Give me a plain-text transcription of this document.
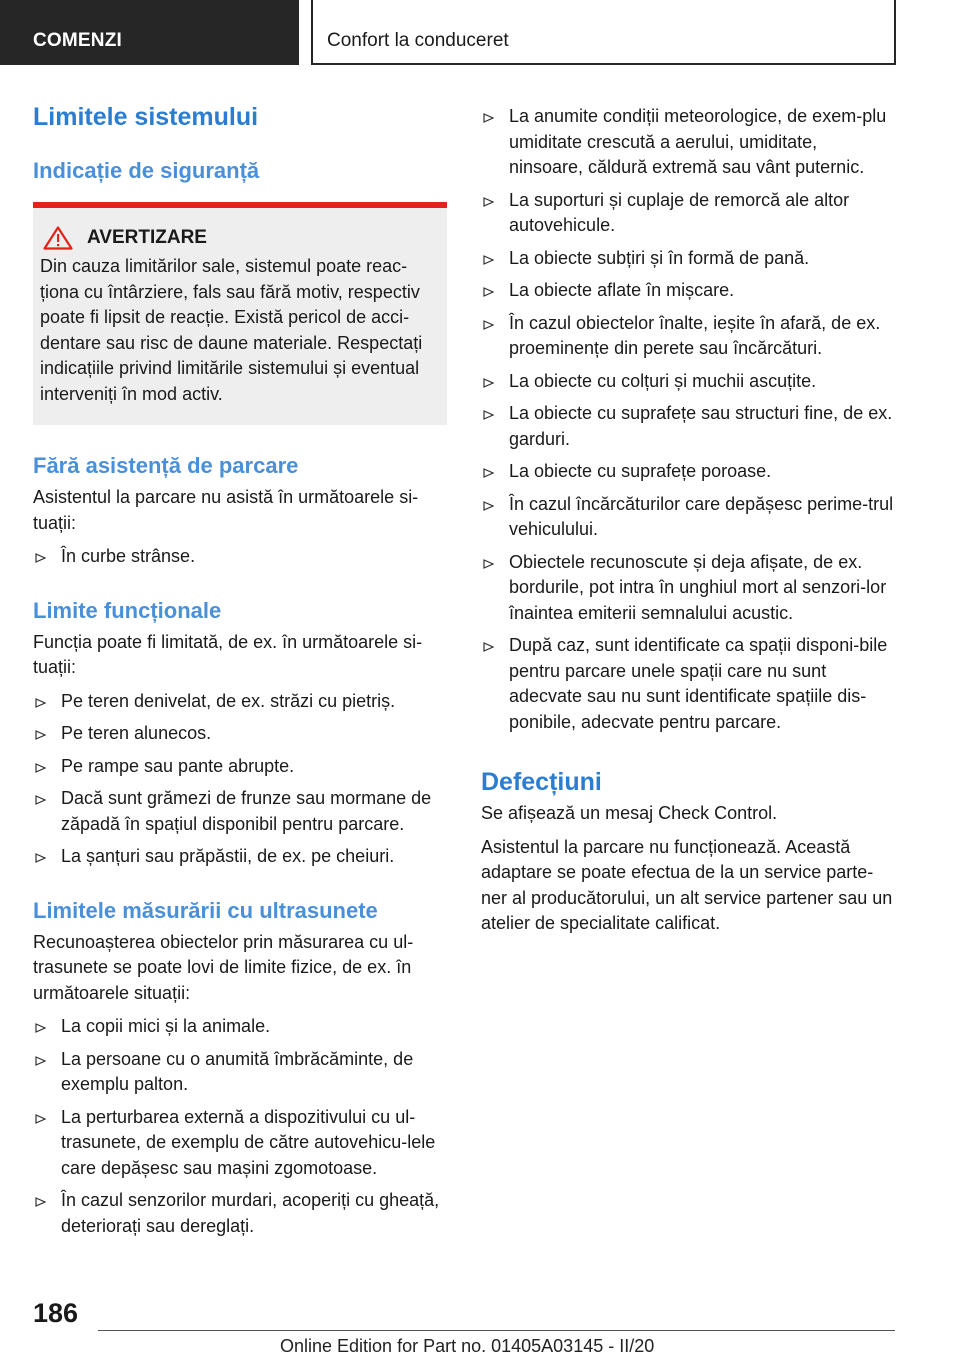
COMENZI	Confort la conduceret
Limitele sistemului
Indicație de siguranță
AVERTIZARE
Din cauza limitărilor sale, sistemul poate reac-ționa cu întârziere, fals sau fără motiv, respectiv poate fi lipsit de reacție. Există pericol de acci-dentare sau risc de daune materiale. Respectați indicațiile privind limitările sistemului și eventual interveniți în mod activ.
Fără asistență de parcare

Asistentul la parcare nu asistă în următoarele si-tuații:

În curbe strânse.
Limite funcționale

Funcția poate fi limitată, de ex. în următoarele si-tuații:

Pe teren denivelat, de ex. străzi cu pietriș.
Pe teren alunecos.
Pe rampe sau pante abrupte.
Dacă sunt grămezi de frunze sau mormane de zăpadă în spațiul disponibil pentru parcare.
La șanțuri sau prăpăstii, de ex. pe cheiuri.
Limitele măsurării cu ultrasunete

Recunoașterea obiectelor prin măsurarea cu ul-trasunete se poate lovi de limite fizice, de ex. în următoarele situații:

La copii mici și la animale.
La persoane cu o anumită îmbrăcăminte, de exemplu palton.
La perturbarea externă a dispozitivului cu ul-trasunete, de exemplu de către autovehicu-lele care depășesc sau mașini zgomotoase.
În cazul senzorilor murdari, acoperiți cu gheață, deteriorați sau dereglați.
La anumite condiții meteorologice, de exem-plu umiditate crescută a aerului, umiditate, ninsoare, căldură extremă sau vânt puternic.
La suporturi și cuplaje de remorcă ale altor autovehicule.
La obiecte subțiri și în formă de pană.
La obiecte aflate în mișcare.
În cazul obiectelor înalte, ieșite în afară, de ex. proeminențe din perete sau încărcături.
La obiecte cu colțuri și muchii ascuțite.
La obiecte cu suprafețe sau structuri fine, de ex. garduri.
La obiecte cu suprafețe poroase.
În cazul încărcăturilor care depășesc perime-trul vehiculului.
Obiectele recunoscute și deja afișate, de ex. bordurile, pot intra în unghiul mort al senzori-lor înaintea emiterii semnalului acustic.
După caz, sunt identificate ca spații disponi-bile pentru parcare unele spații care nu sunt adecvate sau nu sunt identificate spațiile dis-ponibile, adecvate pentru parcare.
Defecțiuni

Se afișează un mesaj Check Control.

Asistentul la parcare nu funcționează. Această adaptare se poate efectua de la un service parte-ner al producătorului, un alt service partener sau un atelier de specialitate calificat.

186
Online Edition for Part no. 01405A03145 - II/20
